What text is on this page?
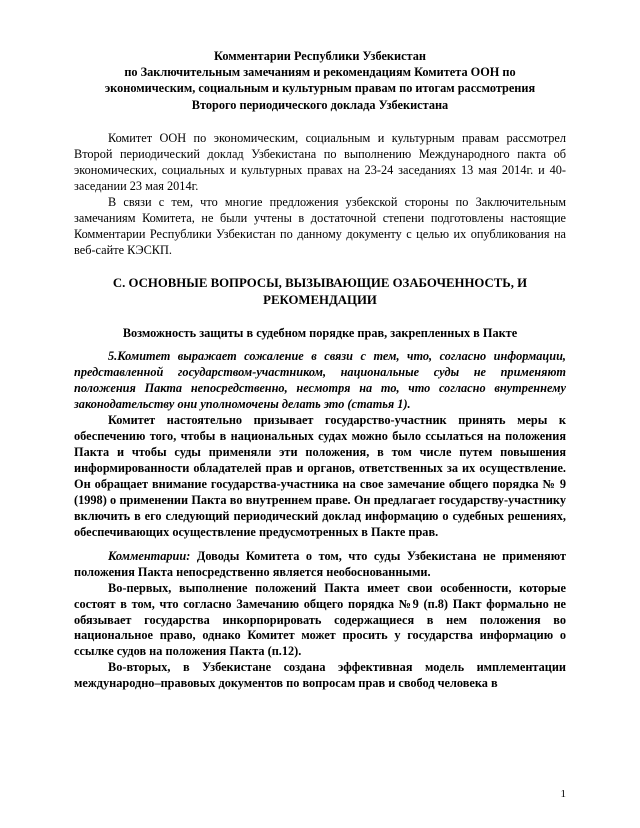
Комментарии Республики Узбекистан
по Заключительным замечаниям и рекомендациям Комитета ООН по
экономическим, социальным и культурным правам по итогам рассмотрения
Второго периодического доклада Узбекистана

Комитет ООН по экономическим, социальным и культурным правам рассмотрел Второй периодический доклад Узбекистана по выполнению Международного пакта об экономических, социальных и культурных правах на 23-24 заседаниях 13 мая 2014г. и 40-заседании 23 мая 2014г.

В связи с тем, что многие предложения узбекской стороны по Заключительным замечаниям Комитета, не были учтены в достаточной степени подготовлены настоящие Комментарии Республики Узбекистан по данному документу с целью их опубликования на веб-сайте КЭСКП.

C. ОСНОВНЫЕ ВОПРОСЫ, ВЫЗЫВАЮЩИЕ ОЗАБОЧЕННОСТЬ, И

РЕКОМЕНДАЦИИ

Возможность защиты в судебном порядке прав, закрепленных в Пакте

5.Комитет выражает сожаление в связи с тем, что, согласно информации, представленной государством-участником, национальные суды не применяют положения Пакта непосредственно, несмотря на то, что согласно внутреннему законодательству они уполномочены делать это (статья 1).

Комитет настоятельно призывает государство-участник принять меры к обеспечению того, чтобы в национальных судах можно было ссылаться на положения Пакта и чтобы суды применяли эти положения, в том числе путем повышения информированности обладателей прав и органов, ответственных за их осуществление. Он обращает внимание государства-участника на свое замечание общего порядка № 9 (1998) о применении Пакта во внутреннем праве. Он предлагает государству-участнику включить в его следующий периодический доклад информацию о судебных решениях, обеспечивающих осуществление предусмотренных в Пакте прав.

Комментарии: Доводы Комитета о том, что суды Узбекистана не применяют положения Пакта непосредственно является необоснованными.

Во-первых, выполнение положений Пакта имеет свои особенности, которые состоят в том, что согласно Замечанию общего порядка №9 (п.8) Пакт формально не обязывает государства инкорпорировать содержащиеся в нем положения во национальное право, однако Комитет может просить у государства информацию о ссылке судов на положения Пакта (п.12).

Во-вторых, в Узбекистане создана эффективная модель имплементации международно–правовых документов по вопросам прав и свобод человека в

1
